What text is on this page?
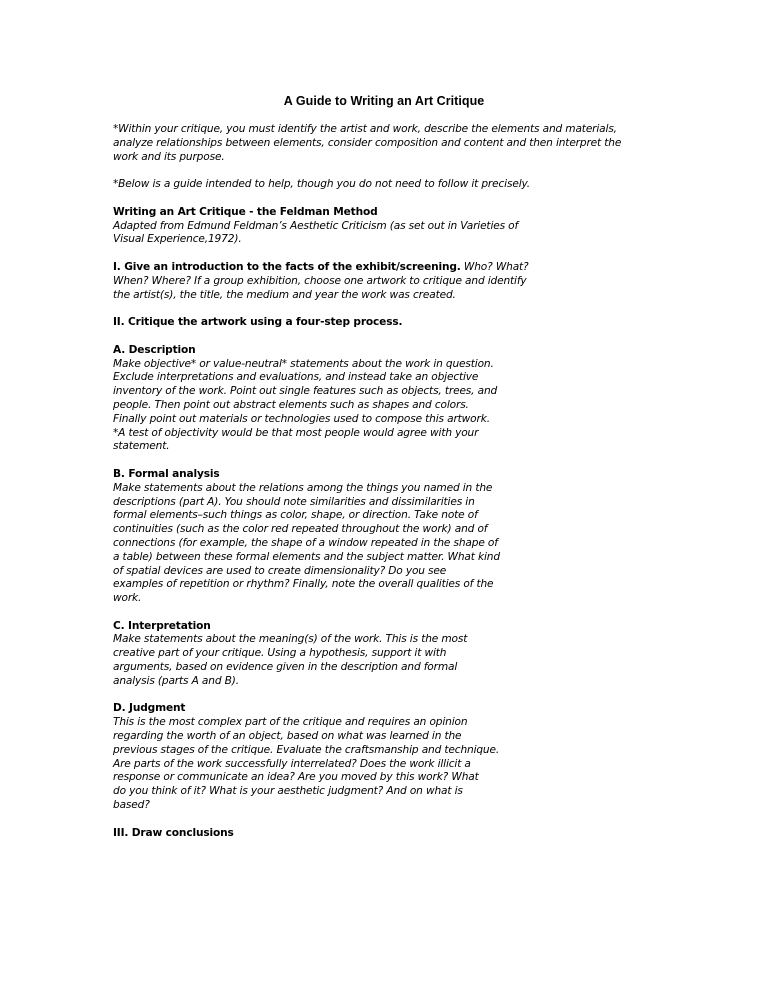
A Guide to Writing an Art Critique
*Within your critique, you must identify the artist and work, describe the elements and materials,
analyze relationships between elements, consider composition and content and then interpret the
work and its purpose.
*Below is a guide intended to help, though you do not need to follow it precisely.
Writing an Art Critique - the Feldman Method
Adapted from Edmund Feldman’s Aesthetic Criticism (as set out in Varieties of
Visual Experience,1972).
I. Give an introduction to the facts of the exhibit/screening. Who? What?
When? Where? If a group exhibition, choose one artwork to critique and identify
the artist(s), the title, the medium and year the work was created.
II. Critique the artwork using a four-step process.
A. Description
Make objective* or value-neutral* statements about the work in question.
Exclude interpretations and evaluations, and instead take an objective
inventory of the work. Point out single features such as objects, trees, and
people. Then point out abstract elements such as shapes and colors.
Finally point out materials or technologies used to compose this artwork.
*A test of objectivity would be that most people would agree with your
statement.
B. Formal analysis
Make statements about the relations among the things you named in the
descriptions (part A). You should note similarities and dissimilarities in
formal elements–such things as color, shape, or direction. Take note of
continuities (such as the color red repeated throughout the work) and of
connections (for example, the shape of a window repeated in the shape of
a table) between these formal elements and the subject matter. What kind
of spatial devices are used to create dimensionality? Do you see
examples of repetition or rhythm? Finally, note the overall qualities of the
work.
C. Interpretation
Make statements about the meaning(s) of the work. This is the most
creative part of your critique. Using a hypothesis, support it with
arguments, based on evidence given in the description and formal
analysis (parts A and B).
D. Judgment
This is the most complex part of the critique and requires an opinion
regarding the worth of an object, based on what was learned in the
previous stages of the critique. Evaluate the craftsmanship and technique.
Are parts of the work successfully interrelated? Does the work illicit a
response or communicate an idea? Are you moved by this work? What
do you think of it? What is your aesthetic judgment? And on what is
based?
III. Draw conclusions
